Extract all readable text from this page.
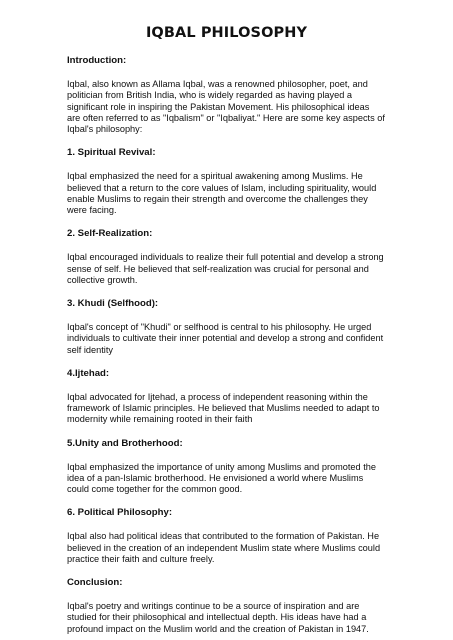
IQBAL PHILOSOPHY
Introduction:
Iqbal, also known as Allama Iqbal, was a renowned philosopher, poet, and
politician from British India, who is widely regarded as having played a
significant role in inspiring the Pakistan Movement. His philosophical ideas
are often referred to as "Iqbalism" or "Iqbaliyat." Here are some key aspects of
Iqbal's philosophy:
1. Spiritual Revival:
Iqbal emphasized the need for a spiritual awakening among Muslims. He
believed that a return to the core values of Islam, including spirituality, would
enable Muslims to regain their strength and overcome the challenges they
were facing.
2. Self-Realization:
Iqbal encouraged individuals to realize their full potential and develop a strong
sense of self. He believed that self-realization was crucial for personal and
collective growth.
3. Khudi (Selfhood):
Iqbal's concept of "Khudi" or selfhood is central to his philosophy. He urged
individuals to cultivate their inner potential and develop a strong and confident
self identity
4.Ijtehad:
Iqbal advocated for Ijtehad, a process of independent reasoning within the
framework of Islamic principles. He believed that Muslims needed to adapt to
modernity while remaining rooted in their faith
5.Unity and Brotherhood:
Iqbal emphasized the importance of unity among Muslims and promoted the
idea of a pan-Islamic brotherhood. He envisioned a world where Muslims
could come together for the common good.
6. Political Philosophy:
Iqbal also had political ideas that contributed to the formation of Pakistan. He
believed in the creation of an independent Muslim state where Muslims could
practice their faith and culture freely.
Conclusion:
Iqbal's poetry and writings continue to be a source of inspiration and are
studied for their philosophical and intellectual depth. His ideas have had a
profound impact on the Muslim world and the creation of Pakistan in 1947.
